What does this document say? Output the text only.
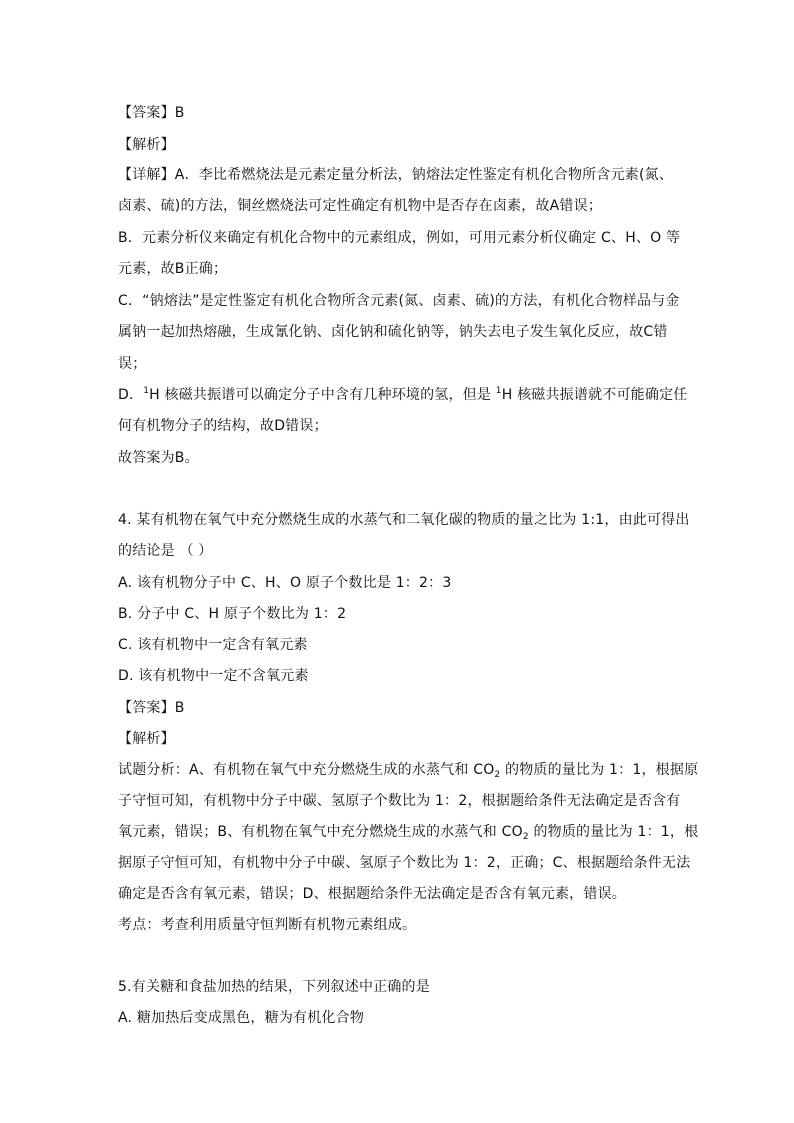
【答案】B
【解析】
【详解】A．李比希燃烧法是元素定量分析法，钠熔法定性鉴定有机化合物所含元素(氮、
卤素、硫)的方法，铜丝燃烧法可定性确定有机物中是否存在卤素，故A错误；
B．元素分析仪来确定有机化合物中的元素组成，例如，可用元素分析仪确定 C、H、O 等
元素，故B正确；
C．“钠熔法”是定性鉴定有机化合物所含元素(氮、卤素、硫)的方法，有机化合物样品与金
属钠一起加热熔融，生成氰化钠、卤化钠和硫化钠等，钠失去电子发生氧化反应，故C错
误；
D．$^1$H 核磁共振谱可以确定分子中含有几种环境的氢，但是 $^1$H 核磁共振谱就不可能确定任
何有机物分子的结构，故D错误；
故答案为B。
4. 某有机物在氧气中充分燃烧生成的水蒸气和二氧化碳的物质的量之比为 1:1，由此可得出
的结论是 （ ）
A. 该有机物分子中 C、H、O 原子个数比是 1：2：3
B. 分子中 C、H 原子个数比为 1：2
C. 该有机物中一定含有氧元素
D. 该有机物中一定不含氧元素
【答案】B
【解析】
试题分析：A、有机物在氧气中充分燃烧生成的水蒸气和 $CO_2$ 的物质的量比为 1：1，根据原
子守恒可知，有机物中分子中碳、氢原子个数比为 1：2，根据题给条件无法确定是否含有
氧元素，错误；B、有机物在氧气中充分燃烧生成的水蒸气和 $CO_2$ 的物质的量比为 1：1，根
据原子守恒可知，有机物中分子中碳、氢原子个数比为 1：2，正确；C、根据题给条件无法
确定是否含有氧元素，错误；D、根据题给条件无法确定是否含有氧元素，错误。
考点：考查利用质量守恒判断有机物元素组成。
5.有关糖和食盐加热的结果，下列叙述中正确的是
A. 糖加热后变成黑色，糖为有机化合物
